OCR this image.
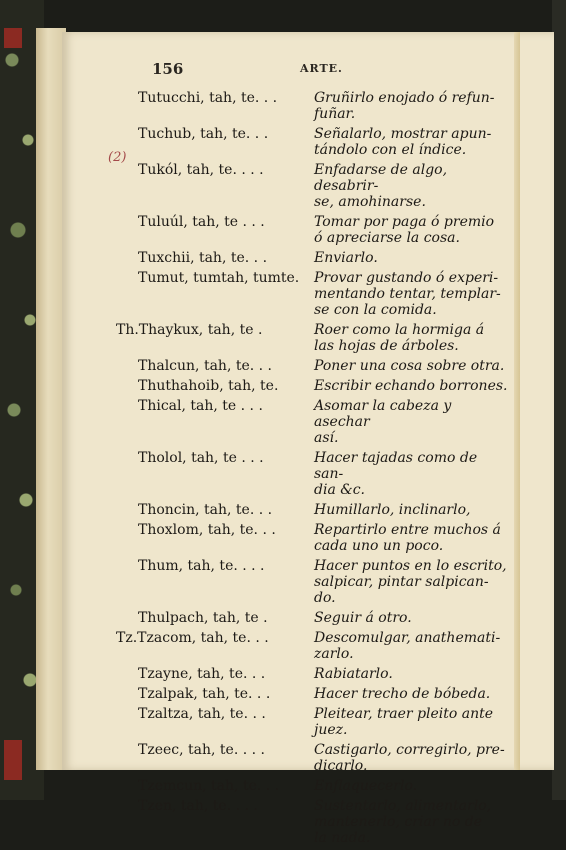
156	ARTE.
(2)
Tutucchi, tah, te. . .	Gruñirlo enojado ó refun-
fuñar.
Tuchub, tah, te. . .	Señalarlo, mostrar apun-
tándolo con el índice.
Tukól, tah, te. . . .	Enfadarse de algo, desabrir-
se, amohinarse.
Tuluúl, tah, te . . .	Tomar por paga ó premio
ó apreciarse la cosa.
Tuxchii, tah, te. . .	Enviarlo.
Tumut, tumtah, tumte.	Provar gustando ó experi-
mentando tentar, templar-
se con la comida.
Th.Thaykux, tah, te .	Roer como la hormiga á
las hojas de árboles.
Thalcun, tah, te. . .	Poner una cosa sobre otra.
Thuthahoib, tah, te.	Escribir echando borrones.
Thical, tah, te . . .	Asomar la cabeza y asechar
así.
Tholol, tah, te . . .	Hacer tajadas como de san-
dia &c.
Thoncin, tah, te. . .	Humillarlo, inclinarlo,
Thoxlom, tah, te. . .	Repartirlo entre muchos á
cada uno un poco.
Thum, tah, te. . . .	Hacer puntos en lo escrito,
salpicar, pintar salpican-
do.
Thulpach, tah, te .	Seguir á otro.
Tz.Tzacom, tah, te. . .	Descomulgar, anathemati-
zarlo.
Tzayne, tah, te. . .	Rabiatarlo.
Tzalpak, tah, te. . .	Hacer trecho de bóbeda.
Tzaltza, tah, te. . .	Pleitear, traer pleito ante
juez.
Tzeec, tah, te. . . .	Castigarlo, corregirlo, pre-
dicarlo.
Tzemcun, tah, te. . .	Enflaquecerlo.
Tzen, tah, te. . . .	Sustentarlo, alimentarlo,
mantenerlo, criar no de
la nada.
